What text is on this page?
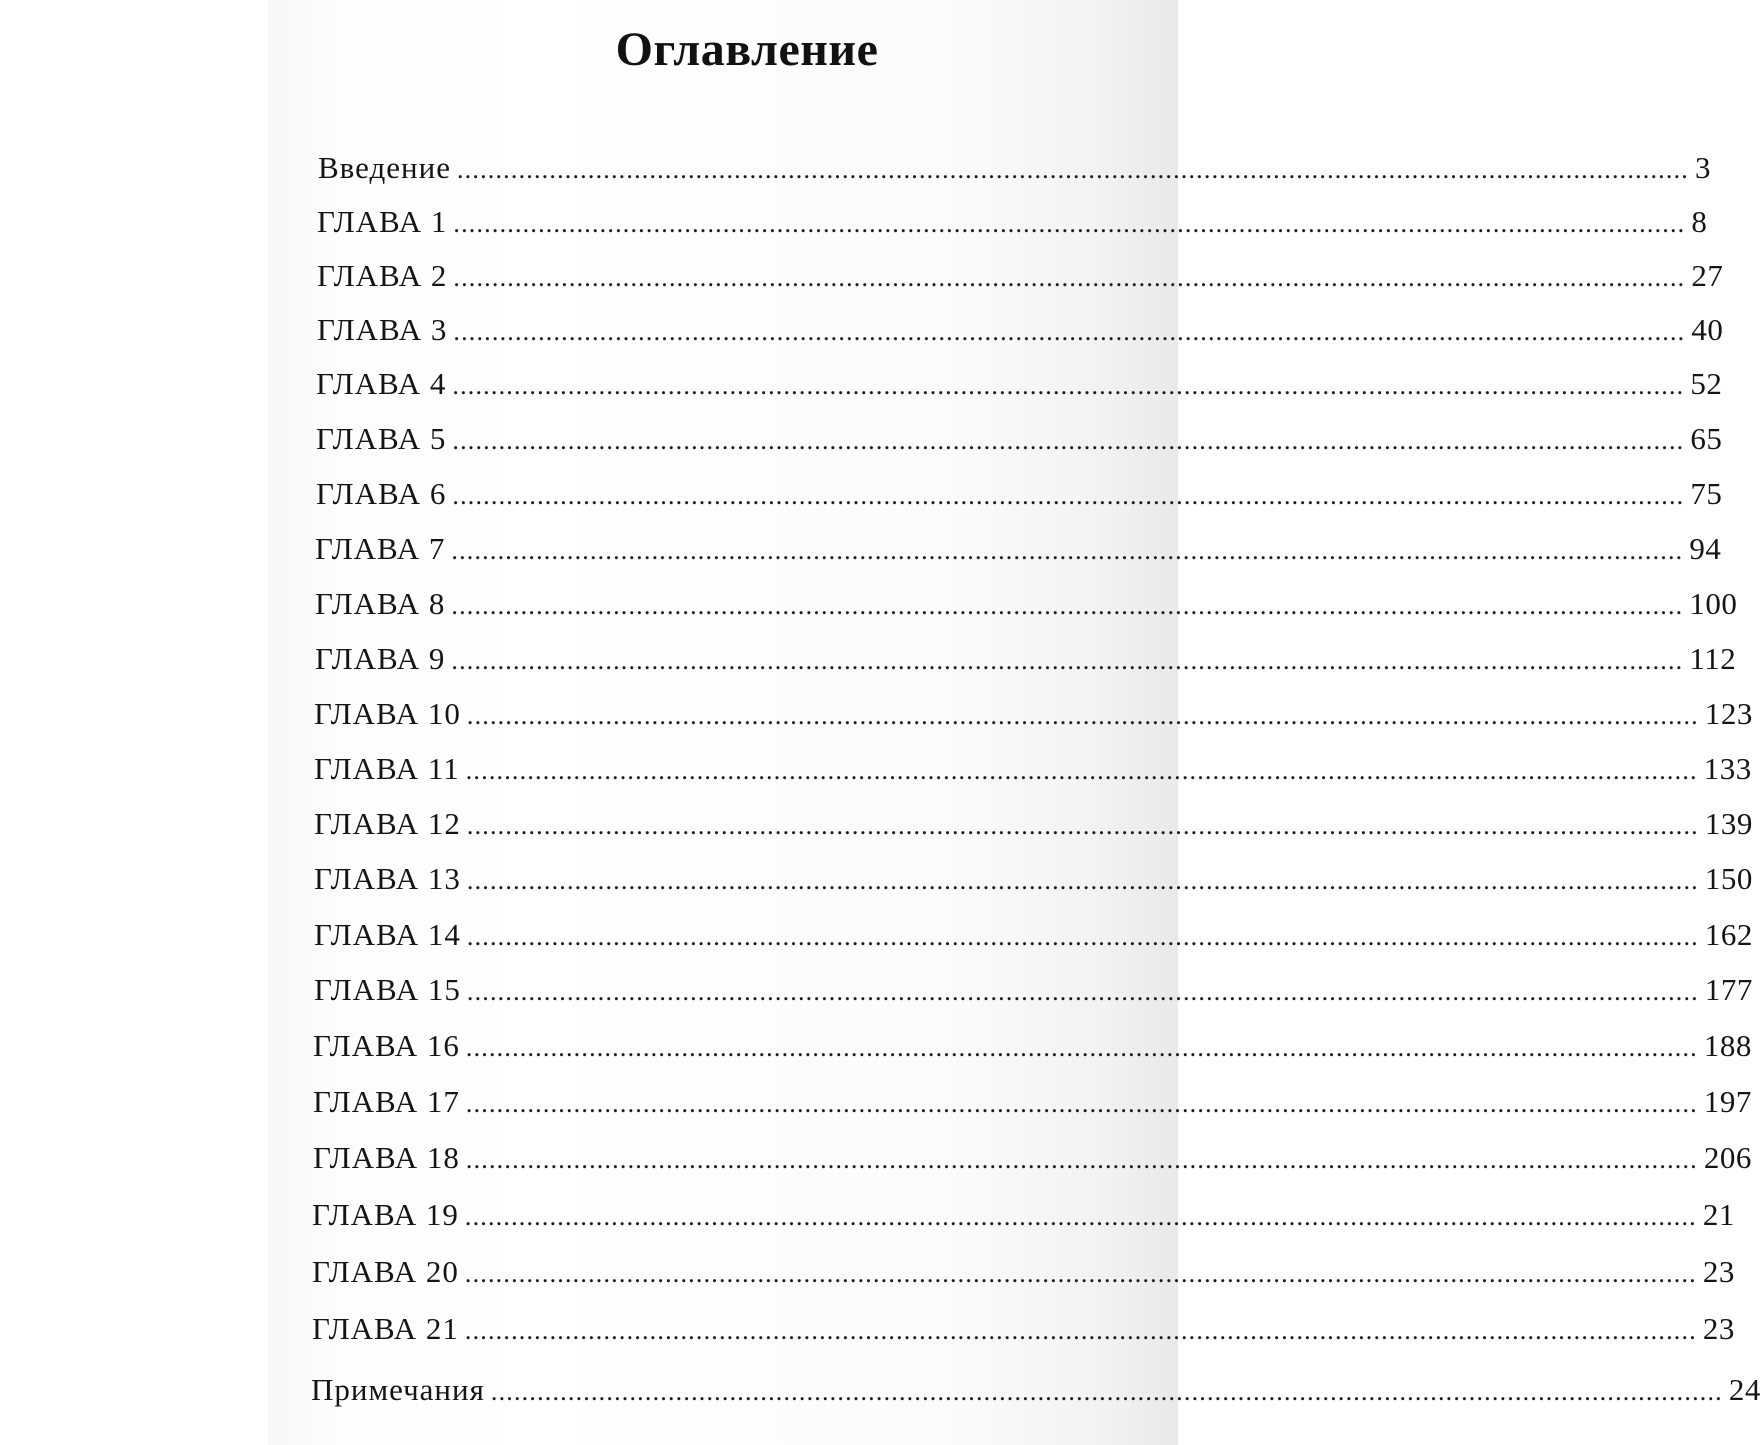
Оглавление
Введение ................................................................................................................................................................ 3
ГЛАВА 1 ................................................................................................................................................................ 8
ГЛАВА 2 ................................................................................................................................................................ 27
ГЛАВА 3 ................................................................................................................................................................ 40
ГЛАВА 4 ................................................................................................................................................................ 52
ГЛАВА 5 ................................................................................................................................................................ 65
ГЛАВА 6 ................................................................................................................................................................ 75
ГЛАВА 7 ................................................................................................................................................................ 94
ГЛАВА 8 ................................................................................................................................................................ 100
ГЛАВА 9 ................................................................................................................................................................ 112
ГЛАВА 10 ................................................................................................................................................................ 123
ГЛАВА 11 ................................................................................................................................................................ 133
ГЛАВА 12 ................................................................................................................................................................ 139
ГЛАВА 13 ................................................................................................................................................................ 150
ГЛАВА 14 ................................................................................................................................................................ 162
ГЛАВА 15 ................................................................................................................................................................ 177
ГЛАВА 16 ................................................................................................................................................................ 188
ГЛАВА 17 ................................................................................................................................................................ 197
ГЛАВА 18 ................................................................................................................................................................ 206
ГЛАВА 19 ................................................................................................................................................................ 21
ГЛАВА 20 ................................................................................................................................................................ 23
ГЛАВА 21 ................................................................................................................................................................ 23
Примечания ................................................................................................................................................................ 24
